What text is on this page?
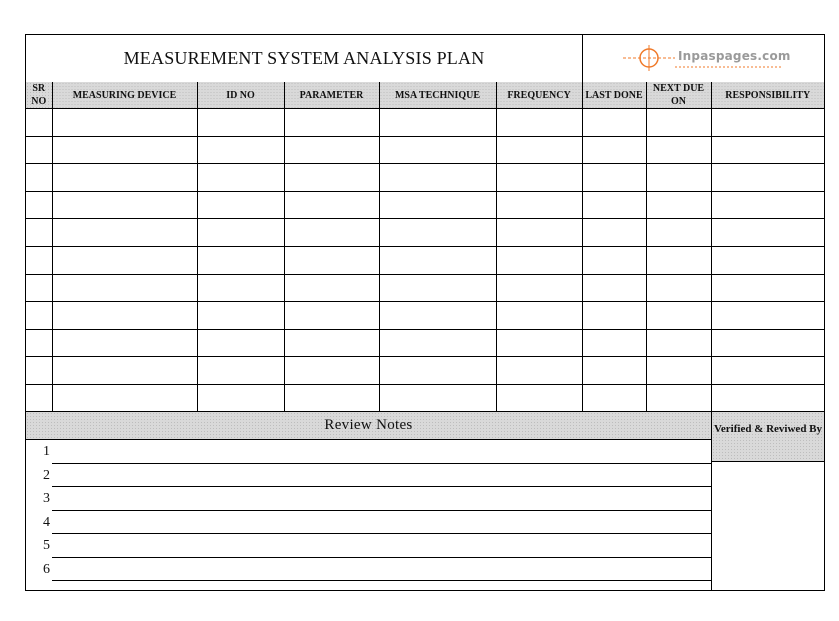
MEASUREMENT SYSTEM ANALYSIS PLAN	Inpaspages.com
SR NO	MEASURING DEVICE	ID NO	PARAMETER	MSA TECHNIQUE	FREQUENCY	LAST DONE	NEXT DUE ON	RESPONSIBILITY

Review Notes	Verified & Reviwed By
1
2
3
4
5
6
